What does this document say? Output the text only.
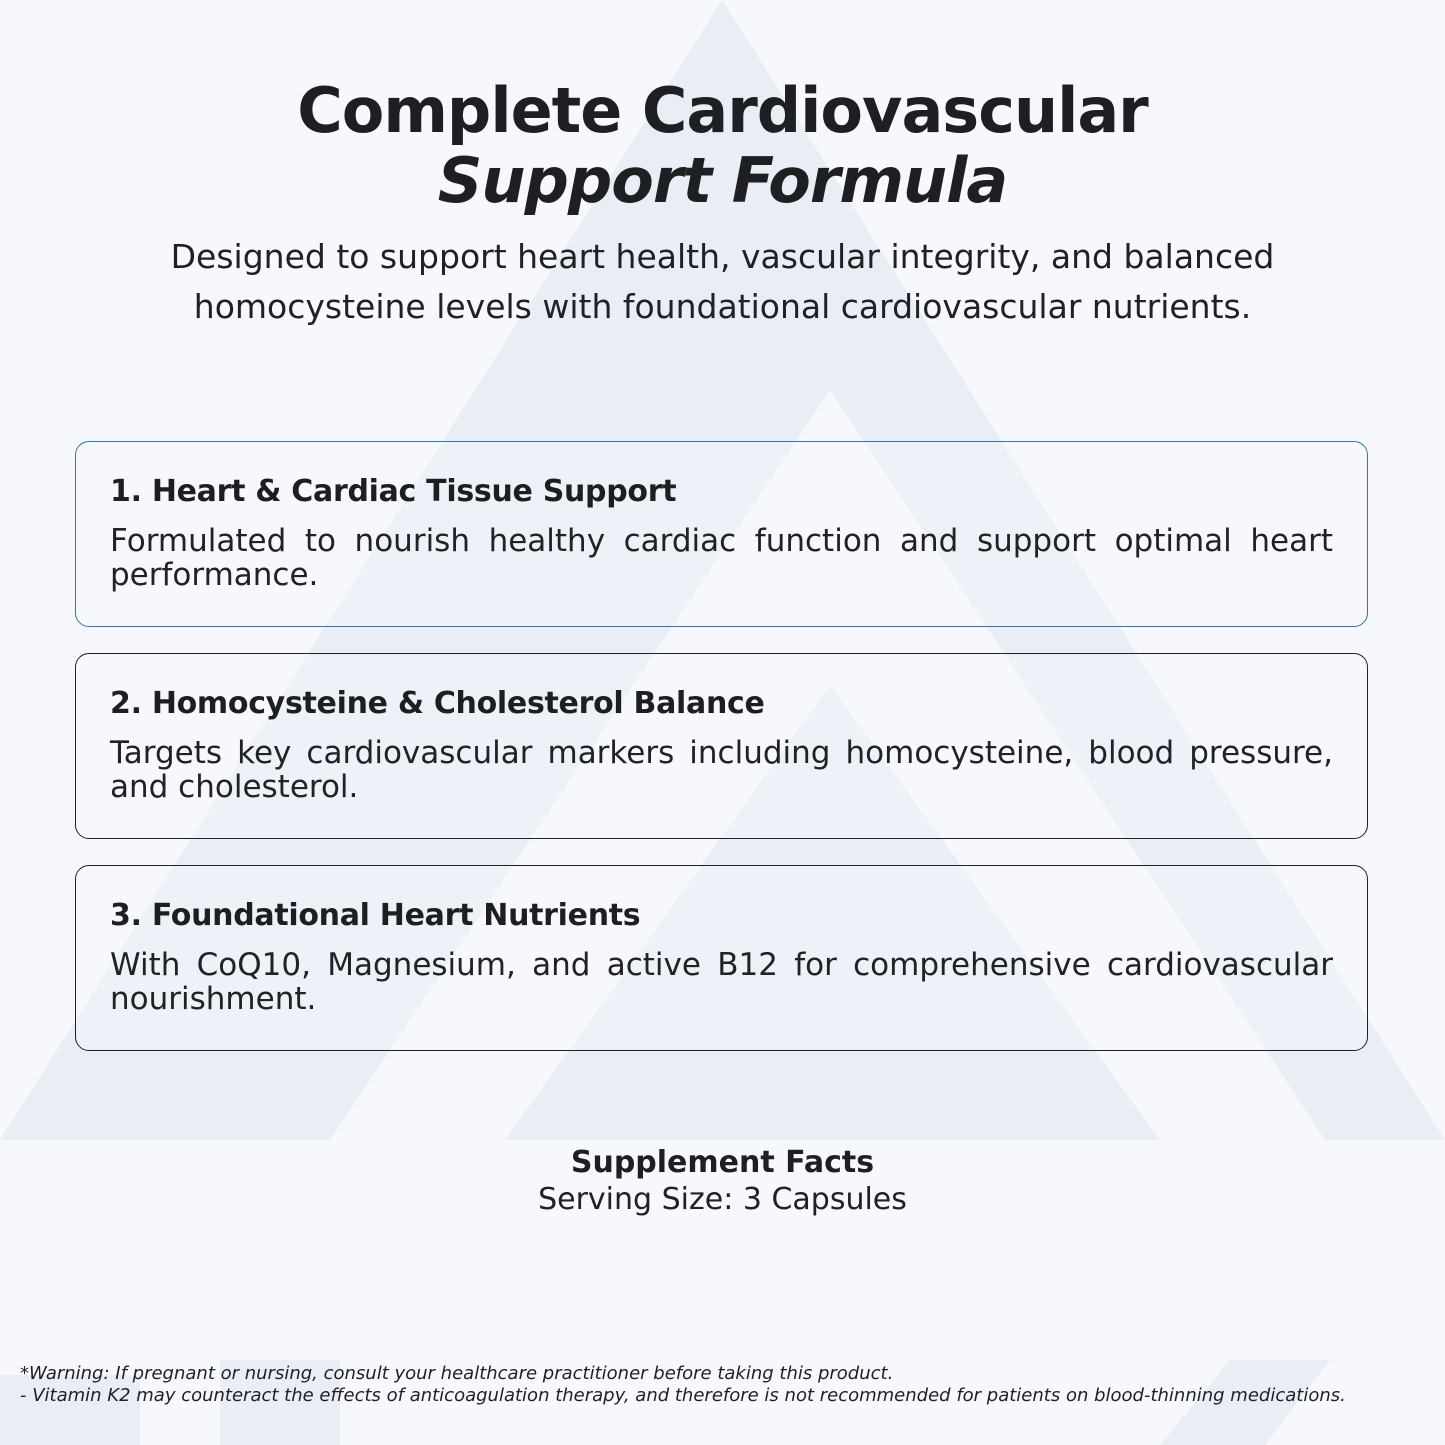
Complete Cardiovascular
Support Formula

Designed to support heart health, vascular integrity, and balanced homocysteine levels with foundational cardiovascular nutrients.

1. Heart & Cardiac Tissue Support

Formulated to nourish healthy cardiac function and support optimal heart performance.

2. Homocysteine & Cholesterol Balance

Targets key cardiovascular markers including homocysteine, blood pressure, and cholesterol.

3. Foundational Heart Nutrients

With CoQ10, Magnesium, and active B12 for comprehensive cardiovascular nourishment.

Supplement Facts
Serving Size: 3 Capsules

*Warning: If pregnant or nursing, consult your healthcare practitioner before taking this product.
- Vitamin K2 may counteract the effects of anticoagulation therapy, and therefore is not recommended for patients on blood-thinning medications.
